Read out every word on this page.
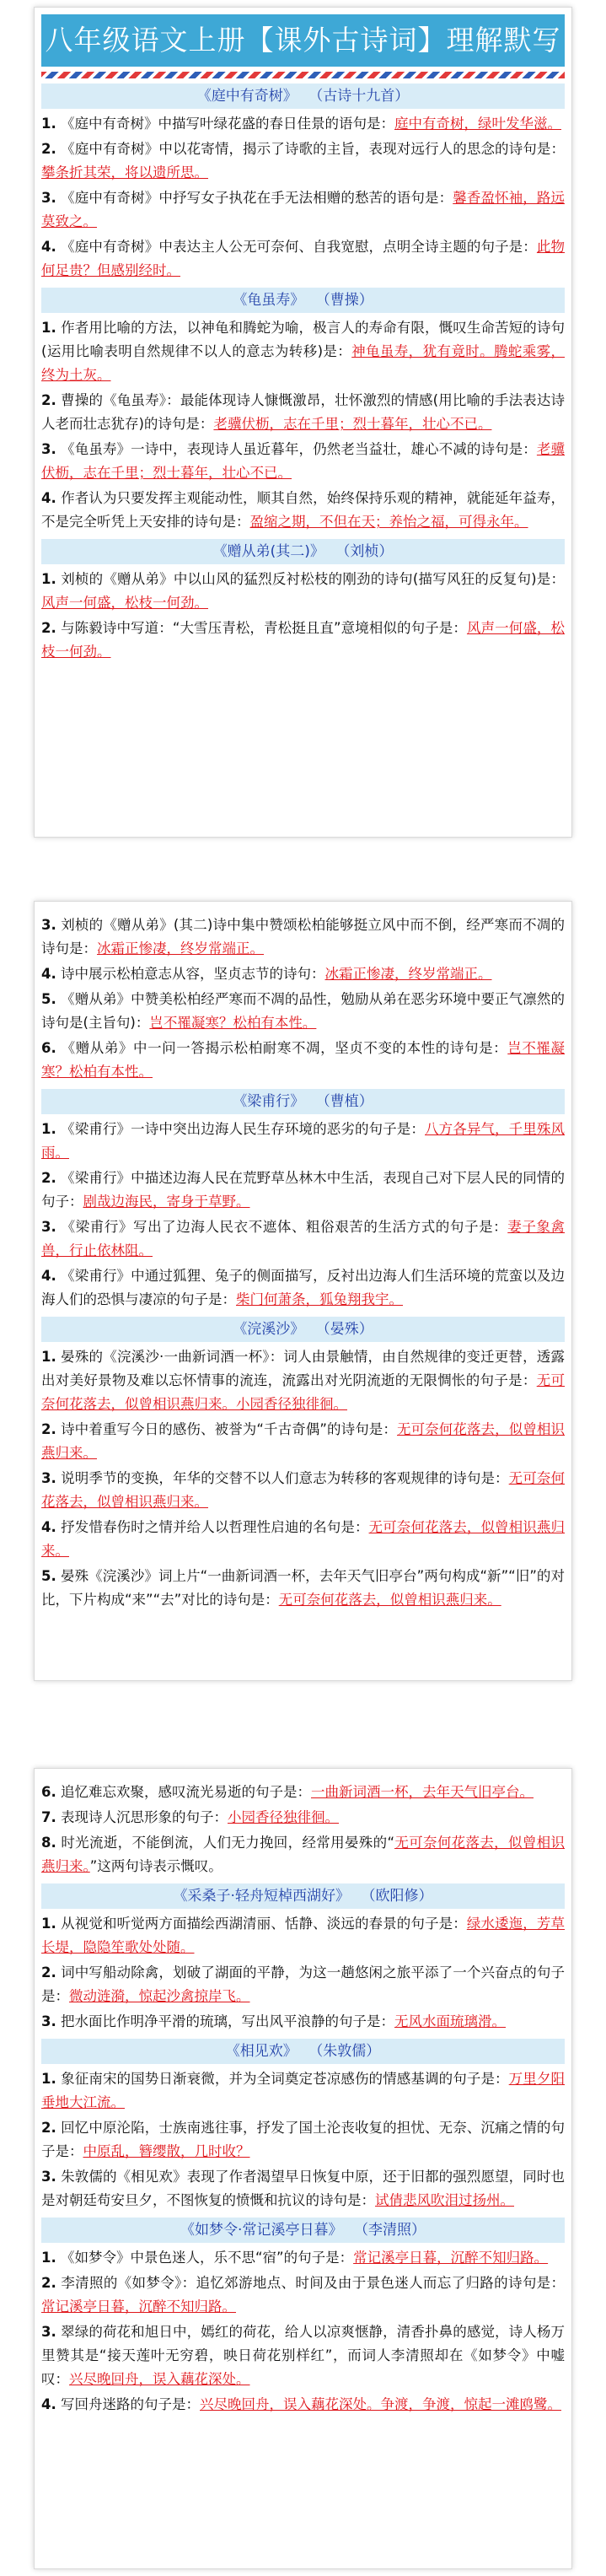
八年级语文上册【课外古诗词】理解默写
《庭中有奇树》 （古诗十九首）
1. 《庭中有奇树》中描写叶绿花盛的春日佳景的语句是：庭中有奇树，绿叶发华滋。
2. 《庭中有奇树》中以花寄情，揭示了诗歌的主旨，表现对远行人的思念的诗句是：攀条折其荣，将以遗所思。
3. 《庭中有奇树》中抒写女子执花在手无法相赠的愁苦的语句是：馨香盈怀袖，路远莫致之。
4. 《庭中有奇树》中表达主人公无可奈何、自我宽慰，点明全诗主题的句子是：此物何足贵？但感别经时。
《龟虽寿》 （曹操）
1. 作者用比喻的方法，以神龟和腾蛇为喻，极言人的寿命有限，慨叹生命苦短的诗句(运用比喻表明自然规律不以人的意志为转移)是：神龟虽寿，犹有竟时。腾蛇乘雾，终为土灰。
2. 曹操的《龟虽寿》：最能体现诗人慷慨激昂，壮怀激烈的情感(用比喻的手法表达诗人老而壮志犹存)的诗句是：老骥伏枥，志在千里；烈士暮年，壮心不已。
3. 《龟虽寿》一诗中，表现诗人虽近暮年，仍然老当益壮，雄心不减的诗句是：老骥伏枥，志在千里；烈士暮年，壮心不已。
4. 作者认为只要发挥主观能动性，顺其自然，始终保持乐观的精神，就能延年益寿，不是完全听凭上天安排的诗句是：盈缩之期，不但在天；养怡之福，可得永年。
《赠从弟(其二)》 （刘桢）
1. 刘桢的《赠从弟》中以山风的猛烈反衬松枝的刚劲的诗句(描写风狂的反复句)是：风声一何盛，松枝一何劲。
2. 与陈毅诗中写道：“大雪压青松，青松挺且直”意境相似的句子是：风声一何盛，松枝一何劲。
3. 刘桢的《赠从弟》(其二)诗中集中赞颂松柏能够挺立风中而不倒，经严寒而不凋的诗句是：冰霜正惨凄，终岁常端正。
4. 诗中展示松柏意志从容，坚贞志节的诗句：冰霜正惨凄，终岁常端正。
5. 《赠从弟》中赞美松柏经严寒而不凋的品性，勉励从弟在恶劣环境中要正气凛然的诗句是(主旨句)：岂不罹凝寒？松柏有本性。
6. 《赠从弟》中一问一答揭示松柏耐寒不凋，坚贞不变的本性的诗句是：岂不罹凝寒？松柏有本性。
《梁甫行》 （曹植）
1. 《梁甫行》一诗中突出边海人民生存环境的恶劣的句子是：八方各异气，千里殊风雨。
2. 《梁甫行》中描述边海人民在荒野草丛林木中生活，表现自己对下层人民的同情的句子：剧哉边海民，寄身于草野。
3. 《梁甫行》写出了边海人民衣不遮体、粗俗艰苦的生活方式的句子是：妻子象禽兽，行止依林阻。
4. 《梁甫行》中通过狐狸、兔子的侧面描写，反衬出边海人们生活环境的荒蛮以及边海人们的恐惧与凄凉的句子是：柴门何萧条，狐兔翔我宇。
《浣溪沙》 （晏殊）
1. 晏殊的《浣溪沙·一曲新词酒一杯》：词人由景触情，由自然规律的变迁更替，透露出对美好景物及难以忘怀情事的流连，流露出对光阴流逝的无限惆怅的句子是：无可奈何花落去，似曾相识燕归来。小园香径独徘徊。
2. 诗中着重写今日的感伤、被誉为“千古奇偶”的诗句是：无可奈何花落去，似曾相识燕归来。
3. 说明季节的变换，年华的交替不以人们意志为转移的客观规律的诗句是：无可奈何花落去，似曾相识燕归来。
4. 抒发惜春伤时之情并给人以哲理性启迪的名句是：无可奈何花落去，似曾相识燕归来。
5. 晏殊《浣溪沙》词上片“一曲新词酒一杯，去年天气旧亭台”两句构成“新”“旧”的对比，下片构成“来”“去”对比的诗句是：无可奈何花落去，似曾相识燕归来。
6. 追忆难忘欢聚，感叹流光易逝的句子是：一曲新词酒一杯，去年天气旧亭台。
7. 表现诗人沉思形象的句子：小园香径独徘徊。
8. 时光流逝，不能倒流，人们无力挽回，经常用晏殊的“无可奈何花落去，似曾相识燕归来。”这两句诗表示慨叹。
《采桑子·轻舟短棹西湖好》 （欧阳修）
1. 从视觉和听觉两方面描绘西湖清丽、恬静、淡远的春景的句子是：绿水逶迤，芳草长堤，隐隐笙歌处处随。
2. 词中写船动除禽，划破了湖面的平静，为这一趟悠闲之旅平添了一个兴奋点的句子是：微动涟漪，惊起沙禽掠岸飞。
3. 把水面比作明净平滑的琉璃，写出风平浪静的句子是：无风水面琉璃滑。
《相见欢》 （朱敦儒）
1. 象征南宋的国势日渐衰微，并为全词奠定苍凉感伤的情感基调的句子是：万里夕阳垂地大江流。
2. 回忆中原沦陷，士族南逃往事，抒发了国土沦丧收复的担忧、无奈、沉痛之情的句子是：中原乱，簪缨散，几时收？
3. 朱敦儒的《相见欢》表现了作者渴望早日恢复中原，还于旧都的强烈愿望，同时也是对朝廷苟安旦夕，不图恢复的愤慨和抗议的诗句是：试倩悲风吹泪过扬州。
《如梦令·常记溪亭日暮》 （李清照）
1. 《如梦令》中景色迷人，乐不思“宿”的句子是：常记溪亭日暮，沉醉不知归路。
2. 李清照的《如梦令》：追忆郊游地点、时间及由于景色迷人而忘了归路的诗句是：常记溪亭日暮，沉醉不知归路。
3. 翠绿的荷花和旭日中，嫣红的荷花，给人以凉爽惬静，清香扑鼻的感觉，诗人杨万里赞其是“接天莲叶无穷碧，映日荷花别样红”，而词人李清照却在《如梦令》中嘘叹：兴尽晚回舟，误入藕花深处。
4. 写回舟迷路的句子是：兴尽晚回舟，误入藕花深处。争渡，争渡，惊起一滩鸥鹭。
